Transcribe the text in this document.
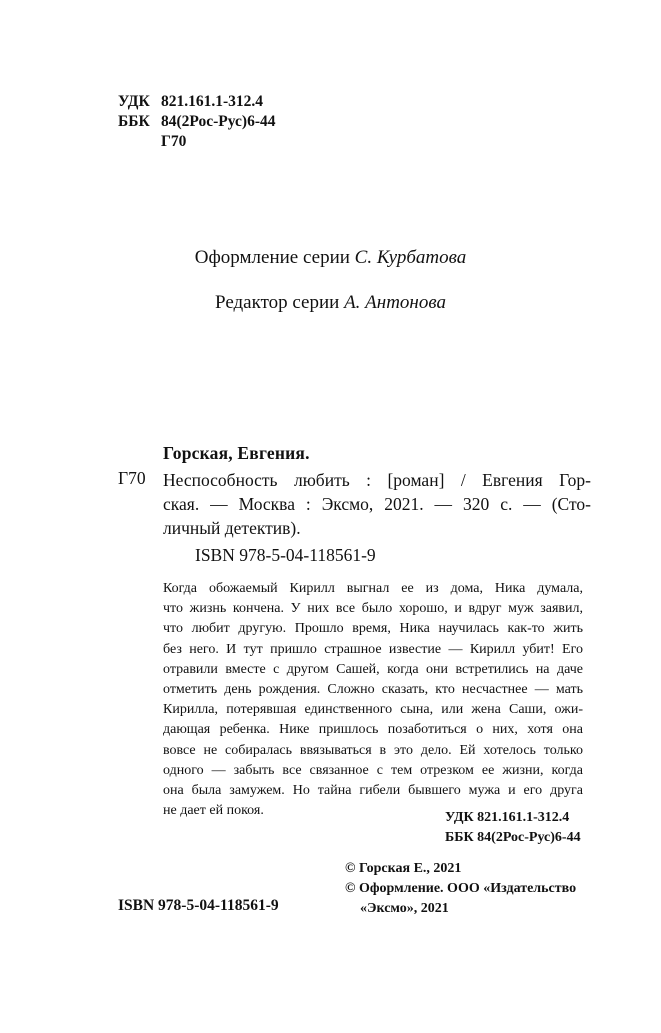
УДК 821.161.1-312.4
ББК 84(2Рос-Рус)6-44
Г70
Оформление серии С. Курбатова
Редактор серии А. Антонова
Горская, Евгения.
Г70 Неспособность любить : [роман] / Евгения Гор-
ская. — Москва : Эксмо, 2021. — 320 с. — (Сто-
личный детектив).
ISBN 978-5-04-118561-9
Когда обожаемый Кирилл выгнал ее из дома, Ника думала,
что жизнь кончена. У них все было хорошо, и вдруг муж заявил,
что любит другую. Прошло время, Ника научилась как-то жить
без него. И тут пришло страшное известие — Кирилл убит! Его
отравили вместе с другом Сашей, когда они встретились на даче
отметить день рождения. Сложно сказать, кто несчастнее — мать
Кирилла, потерявшая единственного сына, или жена Саши, ожи-
дающая ребенка. Нике пришлось позаботиться о них, хотя она
вовсе не собиралась ввязываться в это дело. Ей хотелось только
одного — забыть все связанное с тем отрезком ее жизни, когда
она была замужем. Но тайна гибели бывшего мужа и его друга
не дает ей покоя.	УДК 821.161.1-312.4
ББК 84(2Рос-Рус)6-44
© Горская Е., 2021
© Оформление. ООО «Издательство
«Эксмо», 2021
ISBN 978-5-04-118561-9
